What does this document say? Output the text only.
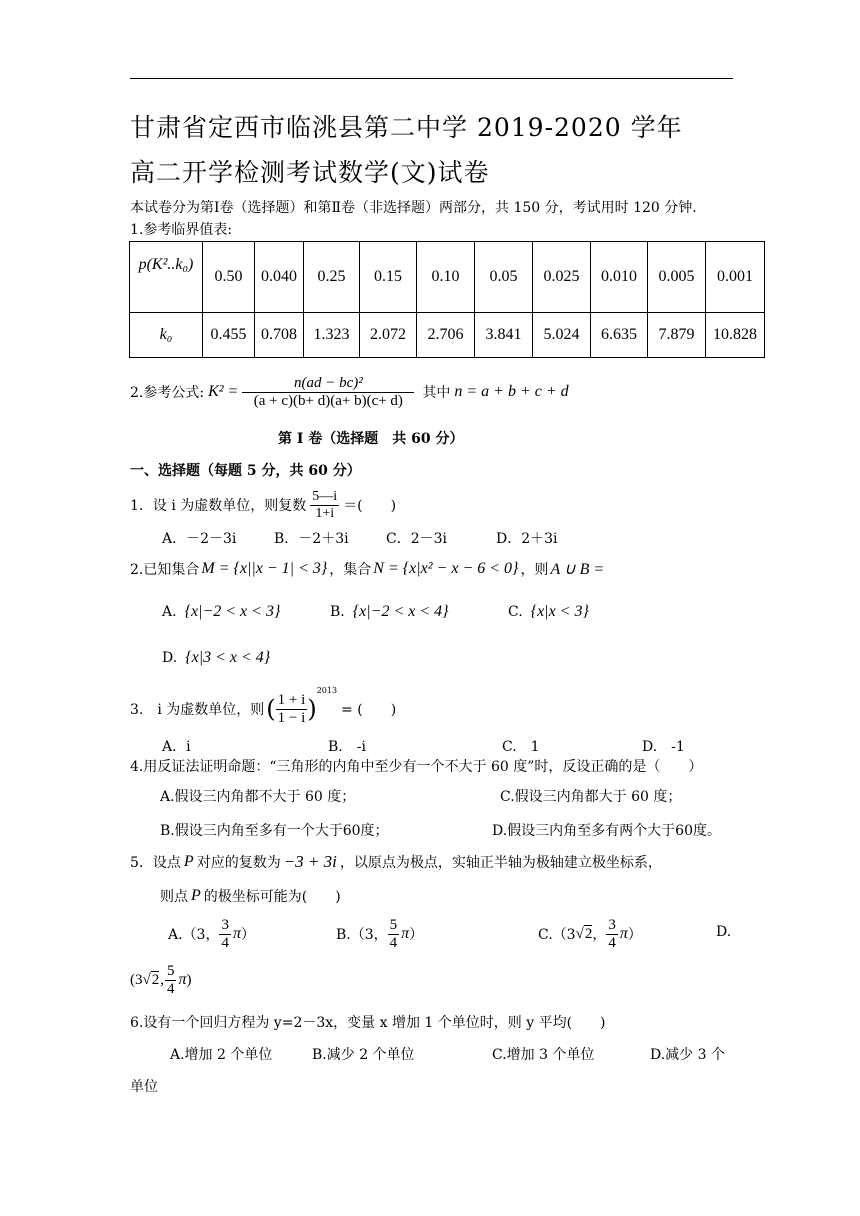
甘肃省定西市临洮县第二中学 2019-2020 学年
高二开学检测考试数学(文)试卷
本试卷分为第Ⅰ卷（选择题）和第Ⅱ卷（非选择题）两部分，共 150 分，考试用时 120 分钟.
1.参考临界值表:
p(K²..k₀)	0.50	0.040	0.25	0.15	0.10	0.05	0.025	0.010	0.005	0.001
k₀	0.455	0.708	1.323	2.072	2.706	3.841	5.024	6.635	7.879	10.828
2.参考公式: $K^2 = \frac{\text{n(ad − bc)²}}{(a + c)(b+ d)(a+ b)(c+ d)}$ 其中 n = a + b + c + d
第 I 卷（选择题　共 60 分）
一、选择题（每题 5 分，共 60 分）
1．设 i 为虚数单位，则复数 $\frac{5—i}{1+i}$ ＝(　　)
A．－2－3i	B．－2＋3i	C．2－3i	D．2＋3i
2.已知集合 M = {x||x − 1| < 3} ，集合 N = {x|x² − x − 6 < 0} ，则 A ∪ B =
A. {x|−2 < x < 3}	B. {x|−2 < x < 4}	C. {x|x < 3}
D. {x|3 < x < 4}
3.　i 为虚数单位，则 ( $\frac{1 + i}{1 - i}$ )
2013
= (　　)
A．i	B.　-i	C.　1	D.　-1
4.用反证法证明命题：“三角形的内角中至少有一个不大于 60 度”时，反设正确的是（　　）
A.假设三内角都不大于 60 度；	C.假设三内角都大于 60 度；
B.假设三内角至多有一个大于60度；	D.假设三内角至多有两个大于60度。
5．设点 P 对应的复数为 −3 + 3i ，以原点为极点，实轴正半轴为极轴建立极坐标系，
则点 P 的极坐标可能为(　　)
A.（3， $\frac{3}{4}$ π ）	B.（3， $\frac{5}{4}$ π ）	C.（3 √ 2 ， $\frac{3}{4}$ π ）	D.
(3 √ 2 , $\frac{5}{4}$ π )
6.设有一个回归方程为 y=2－3x，变量 x 增加 1 个单位时，则 y 平均(　　)
A.增加 2 个单位	B.减少 2 个单位	C.增加 3 个单位	D.减少 3 个
单位
